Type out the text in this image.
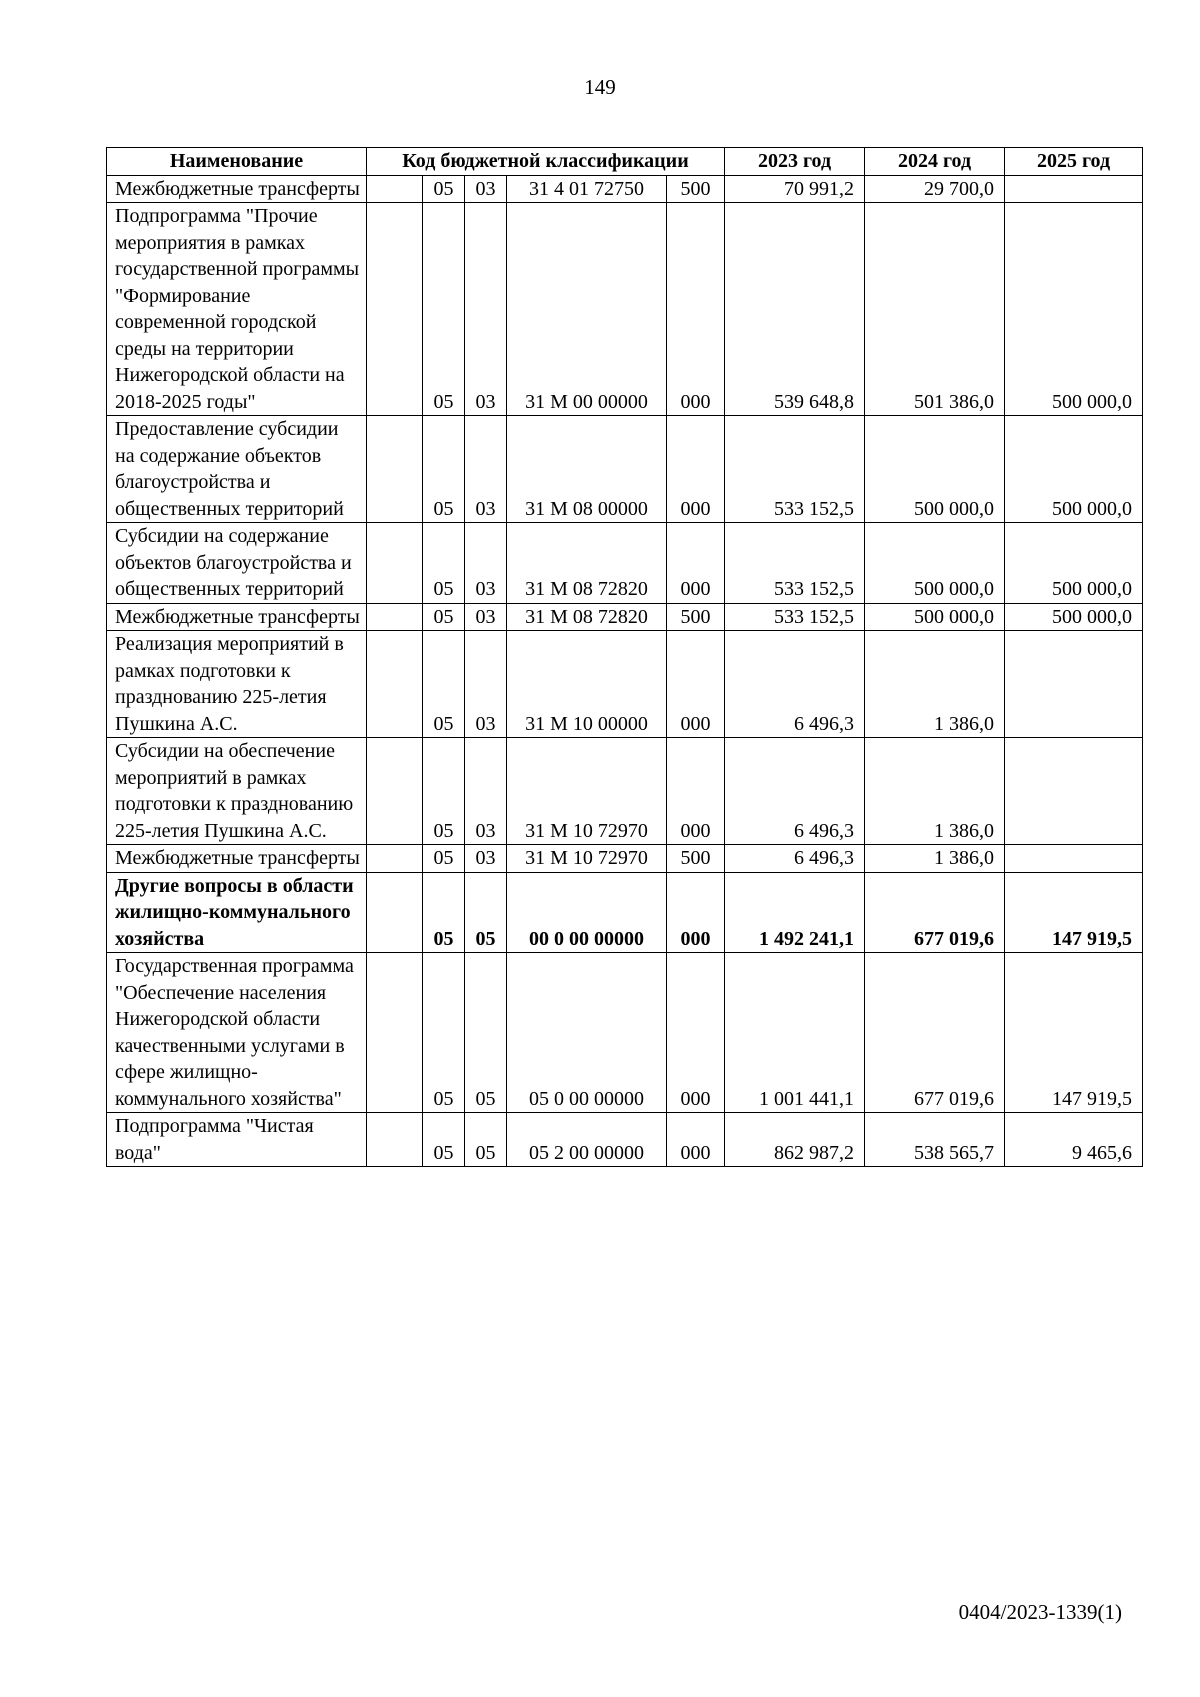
149
Наименование	Код бюджетной классификации					2023 год	2024 год	2025 год
Межбюджетные трансферты		05	03	31 4 01 72750	500	70 991,2	29 700,0	
Подпрограмма "Прочие мероприятия в рамках государственной программы "Формирование современной городской среды на территории Нижегородской области на 2018-2025 годы"		05	03	31 M 00 00000	000	539 648,8	501 386,0	500 000,0
Предоставление субсидии на содержание объектов благоустройства и общественных территорий		05	03	31 M 08 00000	000	533 152,5	500 000,0	500 000,0
Субсидии на содержание объектов благоустройства и общественных территорий		05	03	31 M 08 72820	000	533 152,5	500 000,0	500 000,0
Межбюджетные трансферты		05	03	31 M 08 72820	500	533 152,5	500 000,0	500 000,0
Реализация мероприятий в рамках подготовки к празднованию 225-летия Пушкина А.С.		05	03	31 M 10 00000	000	6 496,3	1 386,0	
Субсидии на обеспечение мероприятий в рамках подготовки к празднованию 225-летия Пушкина А.С.		05	03	31 M 10 72970	000	6 496,3	1 386,0	
Межбюджетные трансферты		05	03	31 M 10 72970	500	6 496,3	1 386,0	
Другие вопросы в области жилищно-коммунального хозяйства		05	05	00 0 00 00000	000	1 492 241,1	677 019,6	147 919,5
Государственная программа "Обеспечение населения Нижегородской области качественными услугами в сфере жилищно-коммунального хозяйства"		05	05	05 0 00 00000	000	1 001 441,1	677 019,6	147 919,5
Подпрограмма "Чистая вода"		05	05	05 2 00 00000	000	862 987,2	538 565,7	9 465,6
0404/2023-1339(1)
